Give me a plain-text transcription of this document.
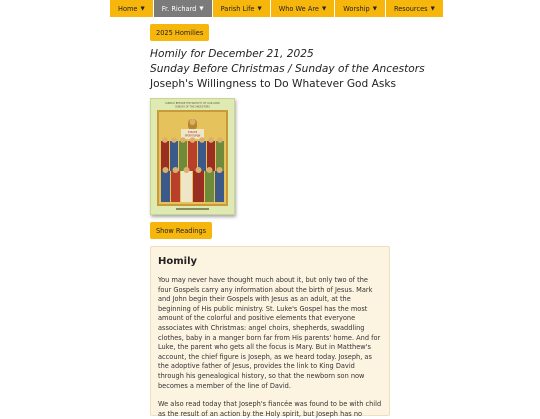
Home ▼	Fr. Richard ▼	Parish Life ▼	Who We Are ▼	Worship ▼	Resources ▼
2025 Homilies
Homily for December 21, 2025
Sunday Before Christmas / Sunday of the Ancestors
Joseph's Willingness to Do Whatever God Asks
SUNDAY BEFORE THE NATIVITY OF OUR LORD
SUNDAY OF THE ANCESTORS
ΣΥΝΑΞΙΣ
ΠΡΟΠΑΤΟΡΩΝ
Show Readings
Homily

You may never have thought much about it, but only two of the four Gospels carry any information about the birth of Jesus. Mark and John begin their Gospels with Jesus as an adult, at the beginning of His public ministry. St. Luke's Gospel has the most amount of the colorful and positive elements that everyone associates with Christmas: angel choirs, shepherds, swaddling clothes, baby in a manger born far from His parents' home. And for Luke, the parent who gets all the focus is Mary. But in Matthew's account, the chief figure is Joseph, as we heard today. Joseph, as the adoptive father of Jesus, provides the link to King David through his genealogical history, so that the newborn son now becomes a member of the line of David.

We also read today that Joseph's fiancée was found to be with child as the result of an action by the Holy spirit, but Joseph has no
